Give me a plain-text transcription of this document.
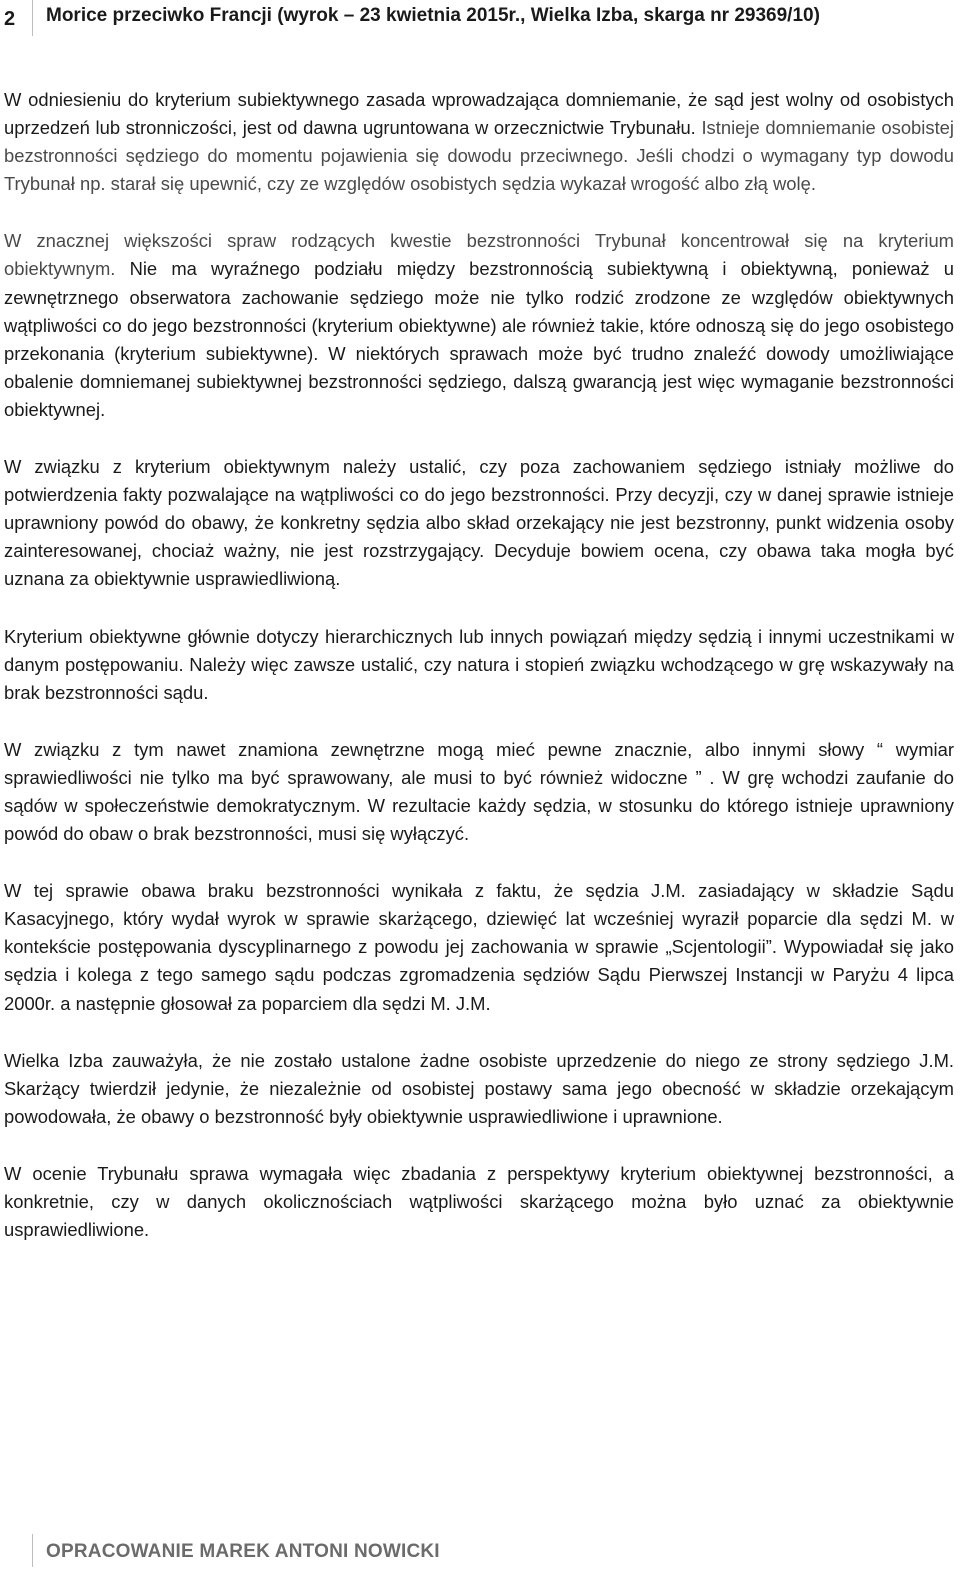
2 Morice przeciwko Francji (wyrok – 23 kwietnia 2015r., Wielka Izba, skarga nr 29369/10)

W odniesieniu do kryterium subiektywnego zasada wprowadzająca domniemanie, że sąd jest wolny od osobistych uprzedzeń lub stronniczości, jest od dawna ugruntowana w orzecznictwie Trybunału. Istnieje domniemanie osobistej bezstronności sędziego do momentu pojawienia się dowodu przeciwnego. Jeśli chodzi o wymagany typ dowodu Trybunał np. starał się upewnić, czy ze względów osobistych sędzia wykazał wrogość albo złą wolę.

W znacznej większości spraw rodzących kwestie bezstronności Trybunał koncentrował się na kryterium obiektywnym. Nie ma wyraźnego podziału między bezstronnością subiektywną i obiektywną, ponieważ u zewnętrznego obserwatora zachowanie sędziego może nie tylko rodzić zrodzone ze względów obiektywnych wątpliwości co do jego bezstronności (kryterium obiektywne) ale również takie, które odnoszą się do jego osobistego przekonania (kryterium subiektywne). W niektórych sprawach może być trudno znaleźć dowody umożliwiające obalenie domniemanej subiektywnej bezstronności sędziego, dalszą gwarancją jest więc wymaganie bezstronności obiektywnej.

W związku z kryterium obiektywnym należy ustalić, czy poza zachowaniem sędziego istniały możliwe do potwierdzenia fakty pozwalające na wątpliwości co do jego bezstronności. Przy decyzji, czy w danej sprawie istnieje uprawniony powód do obawy, że konkretny sędzia albo skład orzekający nie jest bezstronny, punkt widzenia osoby zainteresowanej, chociaż ważny, nie jest rozstrzygający. Decyduje bowiem ocena, czy obawa taka mogła być uznana za obiektywnie usprawiedliwioną.

Kryterium obiektywne głównie dotyczy hierarchicznych lub innych powiązań między sędzią i innymi uczestnikami w danym postępowaniu. Należy więc zawsze ustalić, czy natura i stopień związku wchodzącego w grę wskazywały na brak bezstronności sądu.

W związku z tym nawet znamiona zewnętrzne mogą mieć pewne znacznie, albo innymi słowy “ wymiar sprawiedliwości nie tylko ma być sprawowany, ale musi to być również widoczne ” . W grę wchodzi zaufanie do sądów w społeczeństwie demokratycznym. W rezultacie każdy sędzia, w stosunku do którego istnieje uprawniony powód do obaw o brak bezstronności, musi się wyłączyć.

W tej sprawie obawa braku bezstronności wynikała z faktu, że sędzia J.M. zasiadający w składzie Sądu Kasacyjnego, który wydał wyrok w sprawie skarżącego, dziewięć lat wcześniej wyraził poparcie dla sędzi M. w kontekście postępowania dyscyplinarnego z powodu jej zachowania w sprawie „Scjentologii”. Wypowiadał się jako sędzia i kolega z tego samego sądu podczas zgromadzenia sędziów Sądu Pierwszej Instancji w Paryżu 4 lipca 2000r. a następnie głosował za poparciem dla sędzi M. J.M.

Wielka Izba zauważyła, że nie zostało ustalone żadne osobiste uprzedzenie do niego ze strony sędziego J.M. Skarżący twierdził jedynie, że niezależnie od osobistej postawy sama jego obecność w składzie orzekającym powodowała, że obawy o bezstronność były obiektywnie usprawiedliwione i uprawnione.

W ocenie Trybunału sprawa wymagała więc zbadania z perspektywy kryterium obiektywnej bezstronności, a konkretnie, czy w danych okolicznościach wątpliwości skarżącego można było uznać za obiektywnie usprawiedliwione.

OPRACOWANIE MAREK ANTONI NOWICKI
